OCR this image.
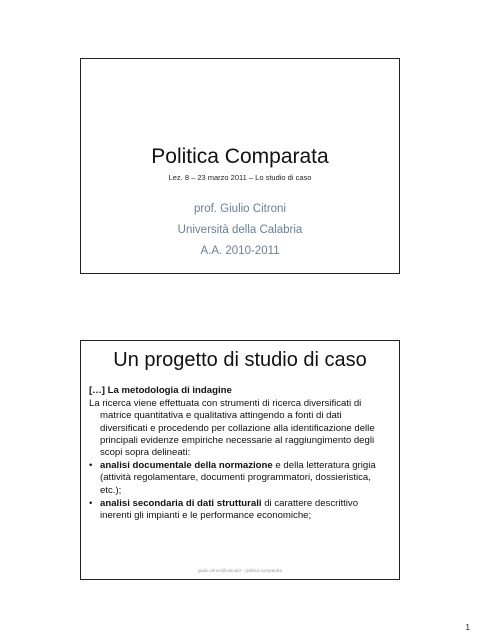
Politica Comparata
Lez. 8 – 23 marzo 2011 – Lo studio di caso
prof. Giulio Citroni
Università della Calabria
A.A. 2010-2011
Un progetto di studio di caso
[…] La metodologia di indagine
La ricerca viene effettuata con strumenti di ricerca diversificati di matrice quantitativa e qualitativa attingendo a fonti di dati diversificati e procedendo per collazione alla identificazione delle principali evidenze empiriche necessarie al raggiungimento degli scopi sopra delineati:
• analisi documentale della normazione e della letteratura grigia (attività regolamentare, documenti programmatori, dossieristica, etc.);
• analisi secondaria di dati strutturali di carattere descrittivo inerenti gli impianti e le performance economiche;
giulio.citroni@unical.it - politica comparata
1
